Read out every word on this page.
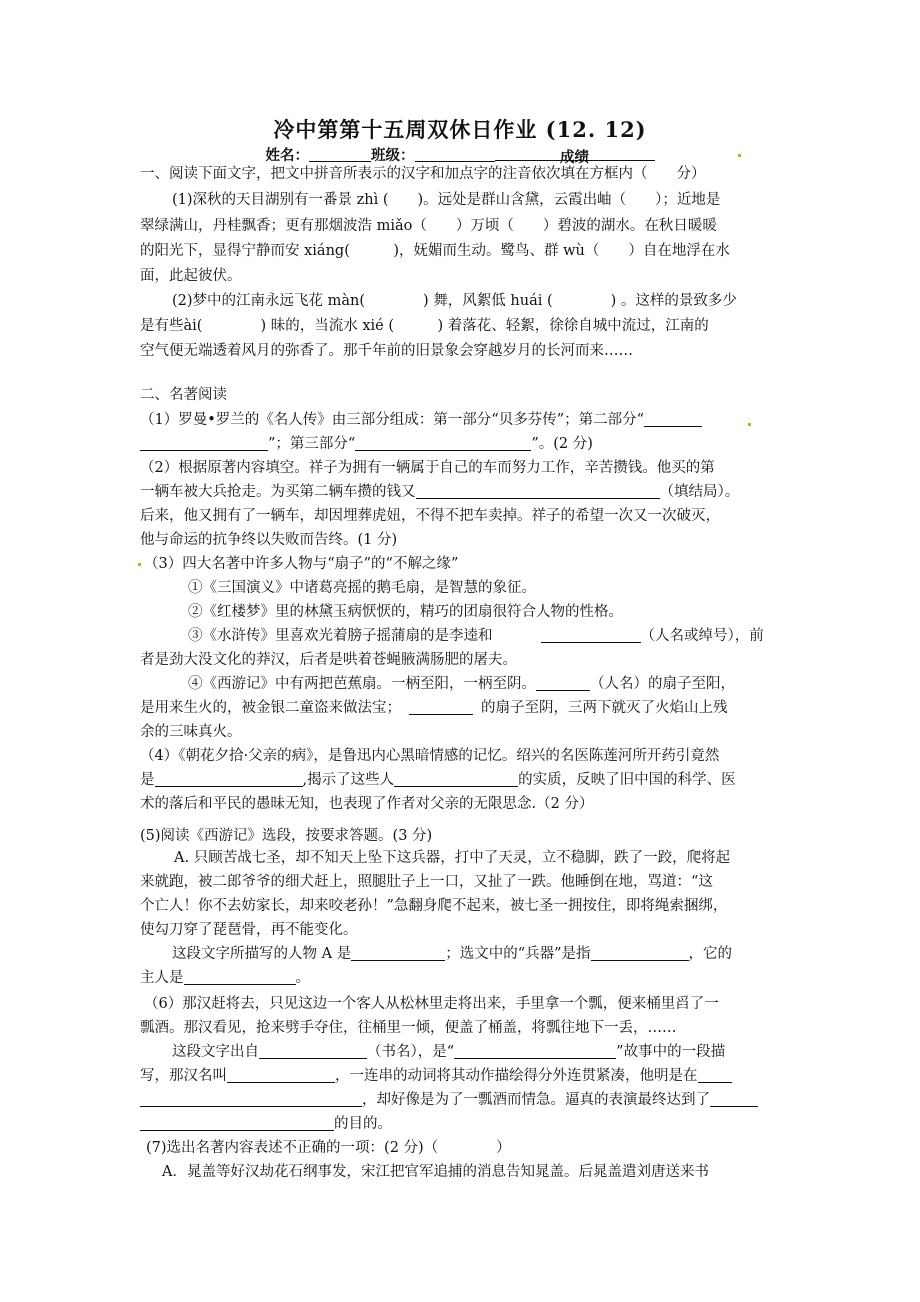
冷中第第十五周双休日作业 (12. 12)
姓名：	班级：	成绩
一、阅读下面文字，把文中拼音所表示的汉字和加点字的注音依次填在方框内（　　分）
(1)深秋的天目湖别有一番景 zhì (　　)。远处是群山含黛，云霞出岫（　　）；近地是
翠绿满山，丹桂飘香；更有那烟波浩 miǎo（　　）万顷（　　）碧波的湖水。在秋日暖暖
的阳光下，显得宁静而安 xiáng(　　　)，妩媚而生动。鹭鸟、群 wù（　　）自在地浮在水
面，此起彼伏。
(2)梦中的江南永远飞花 màn(　　　　) 舞，风絮低 huái (　　　　) 。这样的景致多少
是有些ài(　　　　) 昧的，当流水 xié (　　　) 着落花、轻絮，徐徐自城中流过，江南的
空气便无端透着风月的弥香了。那千年前的旧景象会穿越岁月的长河而来……
二、名著阅读
（1）罗曼•罗兰的《名人传》由三部分组成：第一部分“贝多芬传”；第二部分“
”；第三部分“	”。(2 分)
（2）根据原著内容填空。祥子为拥有一辆属于自己的车而努力工作，辛苦攒钱。他买的第
一辆车被大兵抢走。为买第二辆车攒的钱又	（填结局）。
后来，他又拥有了一辆车，却因埋葬虎妞，不得不把车卖掉。祥子的希望一次又一次破灭，
他与命运的抗争终以失败而告终。(1 分)
（3）四大名著中许多人物与“扇子”的“不解之缘”
①《三国演义》中诸葛亮摇的鹅毛扇，是智慧的象征。
②《红楼梦》里的林黛玉病恹恹的，精巧的团扇很符合人物的性格。
③《水浒传》里喜欢光着膀子摇蒲扇的是李逵和	（人名或绰号），前
者是劲大没文化的莽汉，后者是哄着苍蝇腋满肠肥的屠夫。
④《西游记》中有两把芭蕉扇。一柄至阳，一柄至阴。	（人名）的扇子至阳，
是用来生火的，被金银二童盗来做法宝；	的扇子至阴，三两下就灭了火焰山上残
余的三味真火。
（4）《朝花夕拾·父亲的病》，是鲁迅内心黑暗情感的记忆。绍兴的名医陈莲河所开药引竟然
是	,揭示了这些人	的实质，反映了旧中国的科学、医
术的落后和平民的愚昧无知，也表现了作者对父亲的无限思念.（2 分）
(5)阅读《西游记》选段，按要求答题。(3 分)
A. 只顾苦战七圣，却不知天上坠下这兵器，打中了天灵，立不稳脚，跌了一跤，爬将起
来就跑，被二郎爷爷的细犬赶上，照腿肚子上一口，又扯了一跌。他睡倒在地，骂道：“这
个亡人！你不去妨家长，却来咬老孙！”急翻身爬不起来，被七圣一拥按住，即将绳索捆绑，
使勾刀穿了琵琶骨，再不能变化。
这段文字所描写的人物 A 是	；选文中的“兵器”是指	，它的
主人是	。
（6）那汉赶将去，只见这边一个客人从松林里走将出来，手里拿一个瓢，便来桶里舀了一
瓢酒。那汉看见，抢来劈手夺住，往桶里一倾，便盖了桶盖，将瓢往地下一丢，……
这段文字出自	（书名），是“	”故事中的一段描
写，那汉名叫	，一连串的动词将其动作描绘得分外连贯紧凑，他明是在
，却好像是为了一瓢酒而情急。逼真的表演最终达到了
的目的。
(7)选出名著内容表述不正确的一项：(2 分)（　　　　）
A．晁盖等好汉劫花石纲事发，宋江把官军追捕的消息告知晁盖。后晁盖遣刘唐送来书
